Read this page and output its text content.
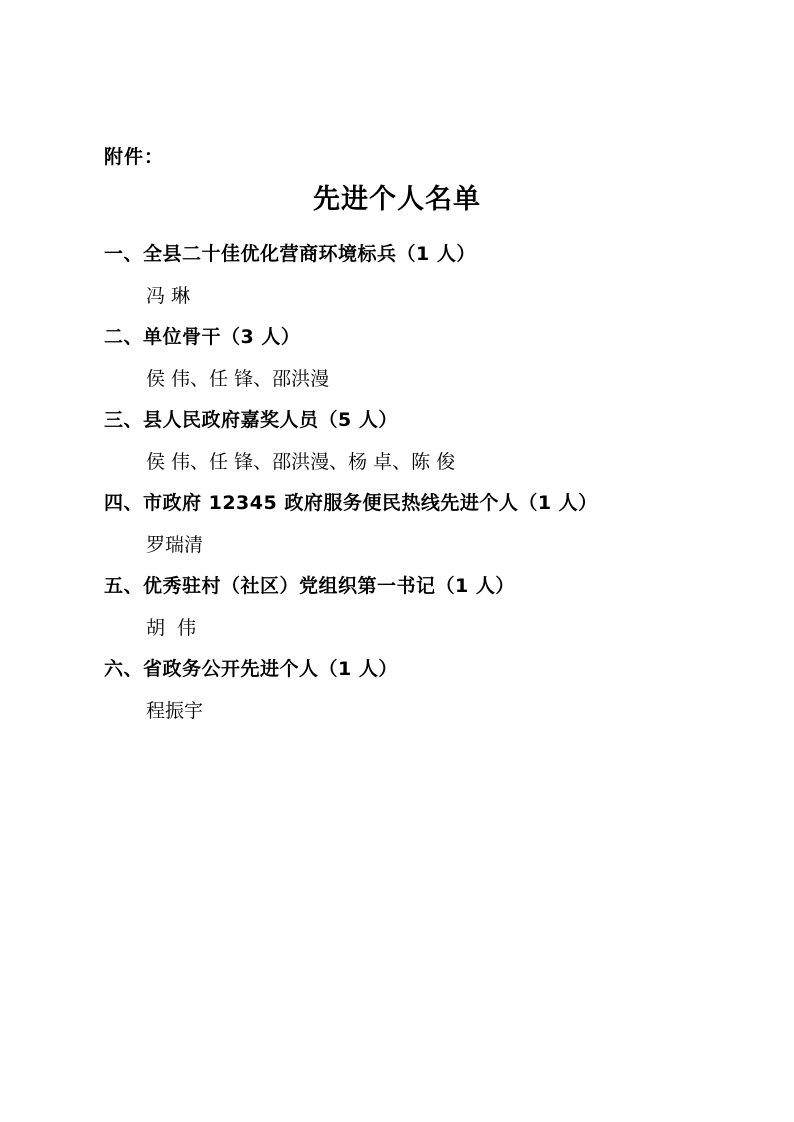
附件：
先进个人名单
一、全县二十佳优化营商环境标兵（1 人）
冯 琳
二、单位骨干（3 人）
侯 伟、任 锋、邵洪漫
三、县人民政府嘉奖人员（5 人）
侯 伟、任 锋、邵洪漫、杨 卓、陈 俊
四、市政府 12345 政府服务便民热线先进个人（1 人）
罗瑞清
五、优秀驻村（社区）党组织第一书记（1 人）
胡  伟
六、省政务公开先进个人（1 人）
程振宇
